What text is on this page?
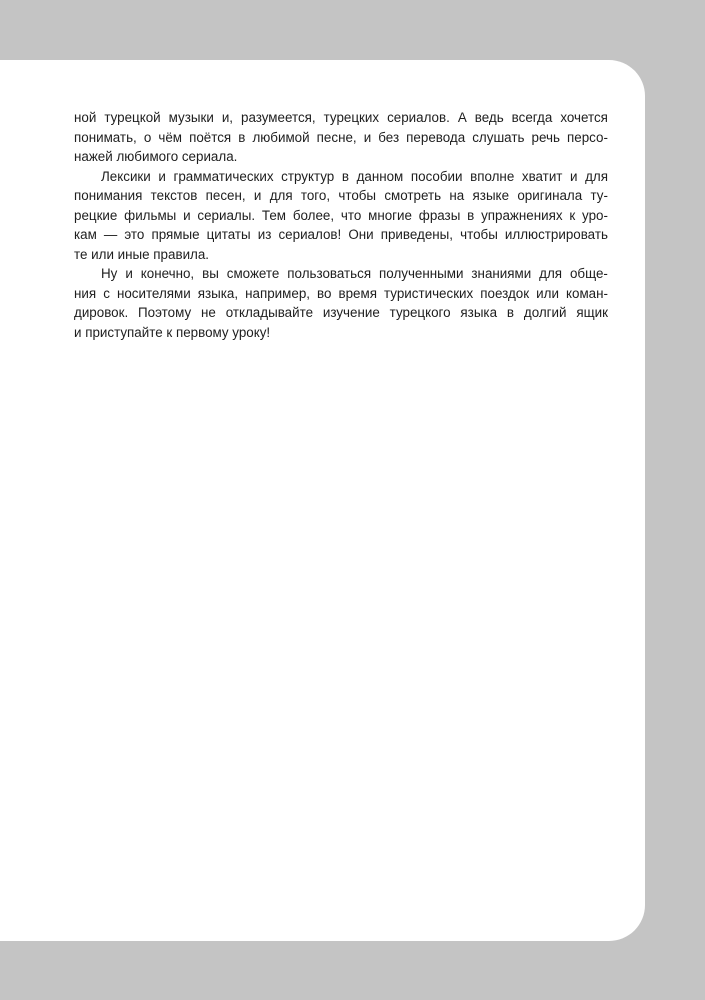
ной турецкой музыки и, разумеется, турецких сериалов. А ведь всегда хочется
понимать, о чём поётся в любимой песне, и без перевода слушать речь персо-
нажей любимого сериала.
Лексики и грамматических структур в данном пособии вполне хватит и для
понимания текстов песен, и для того, чтобы смотреть на языке оригинала ту-
рецкие фильмы и сериалы. Тем более, что многие фразы в упражнениях к уро-
кам — это прямые цитаты из сериалов! Они приведены, чтобы иллюстрировать
те или иные правила.
Ну и конечно, вы сможете пользоваться полученными знаниями для обще-
ния с носителями языка, например, во время туристических поездок или коман-
дировок. Поэтому не откладывайте изучение турецкого языка в долгий ящик
и приступайте к первому уроку!
